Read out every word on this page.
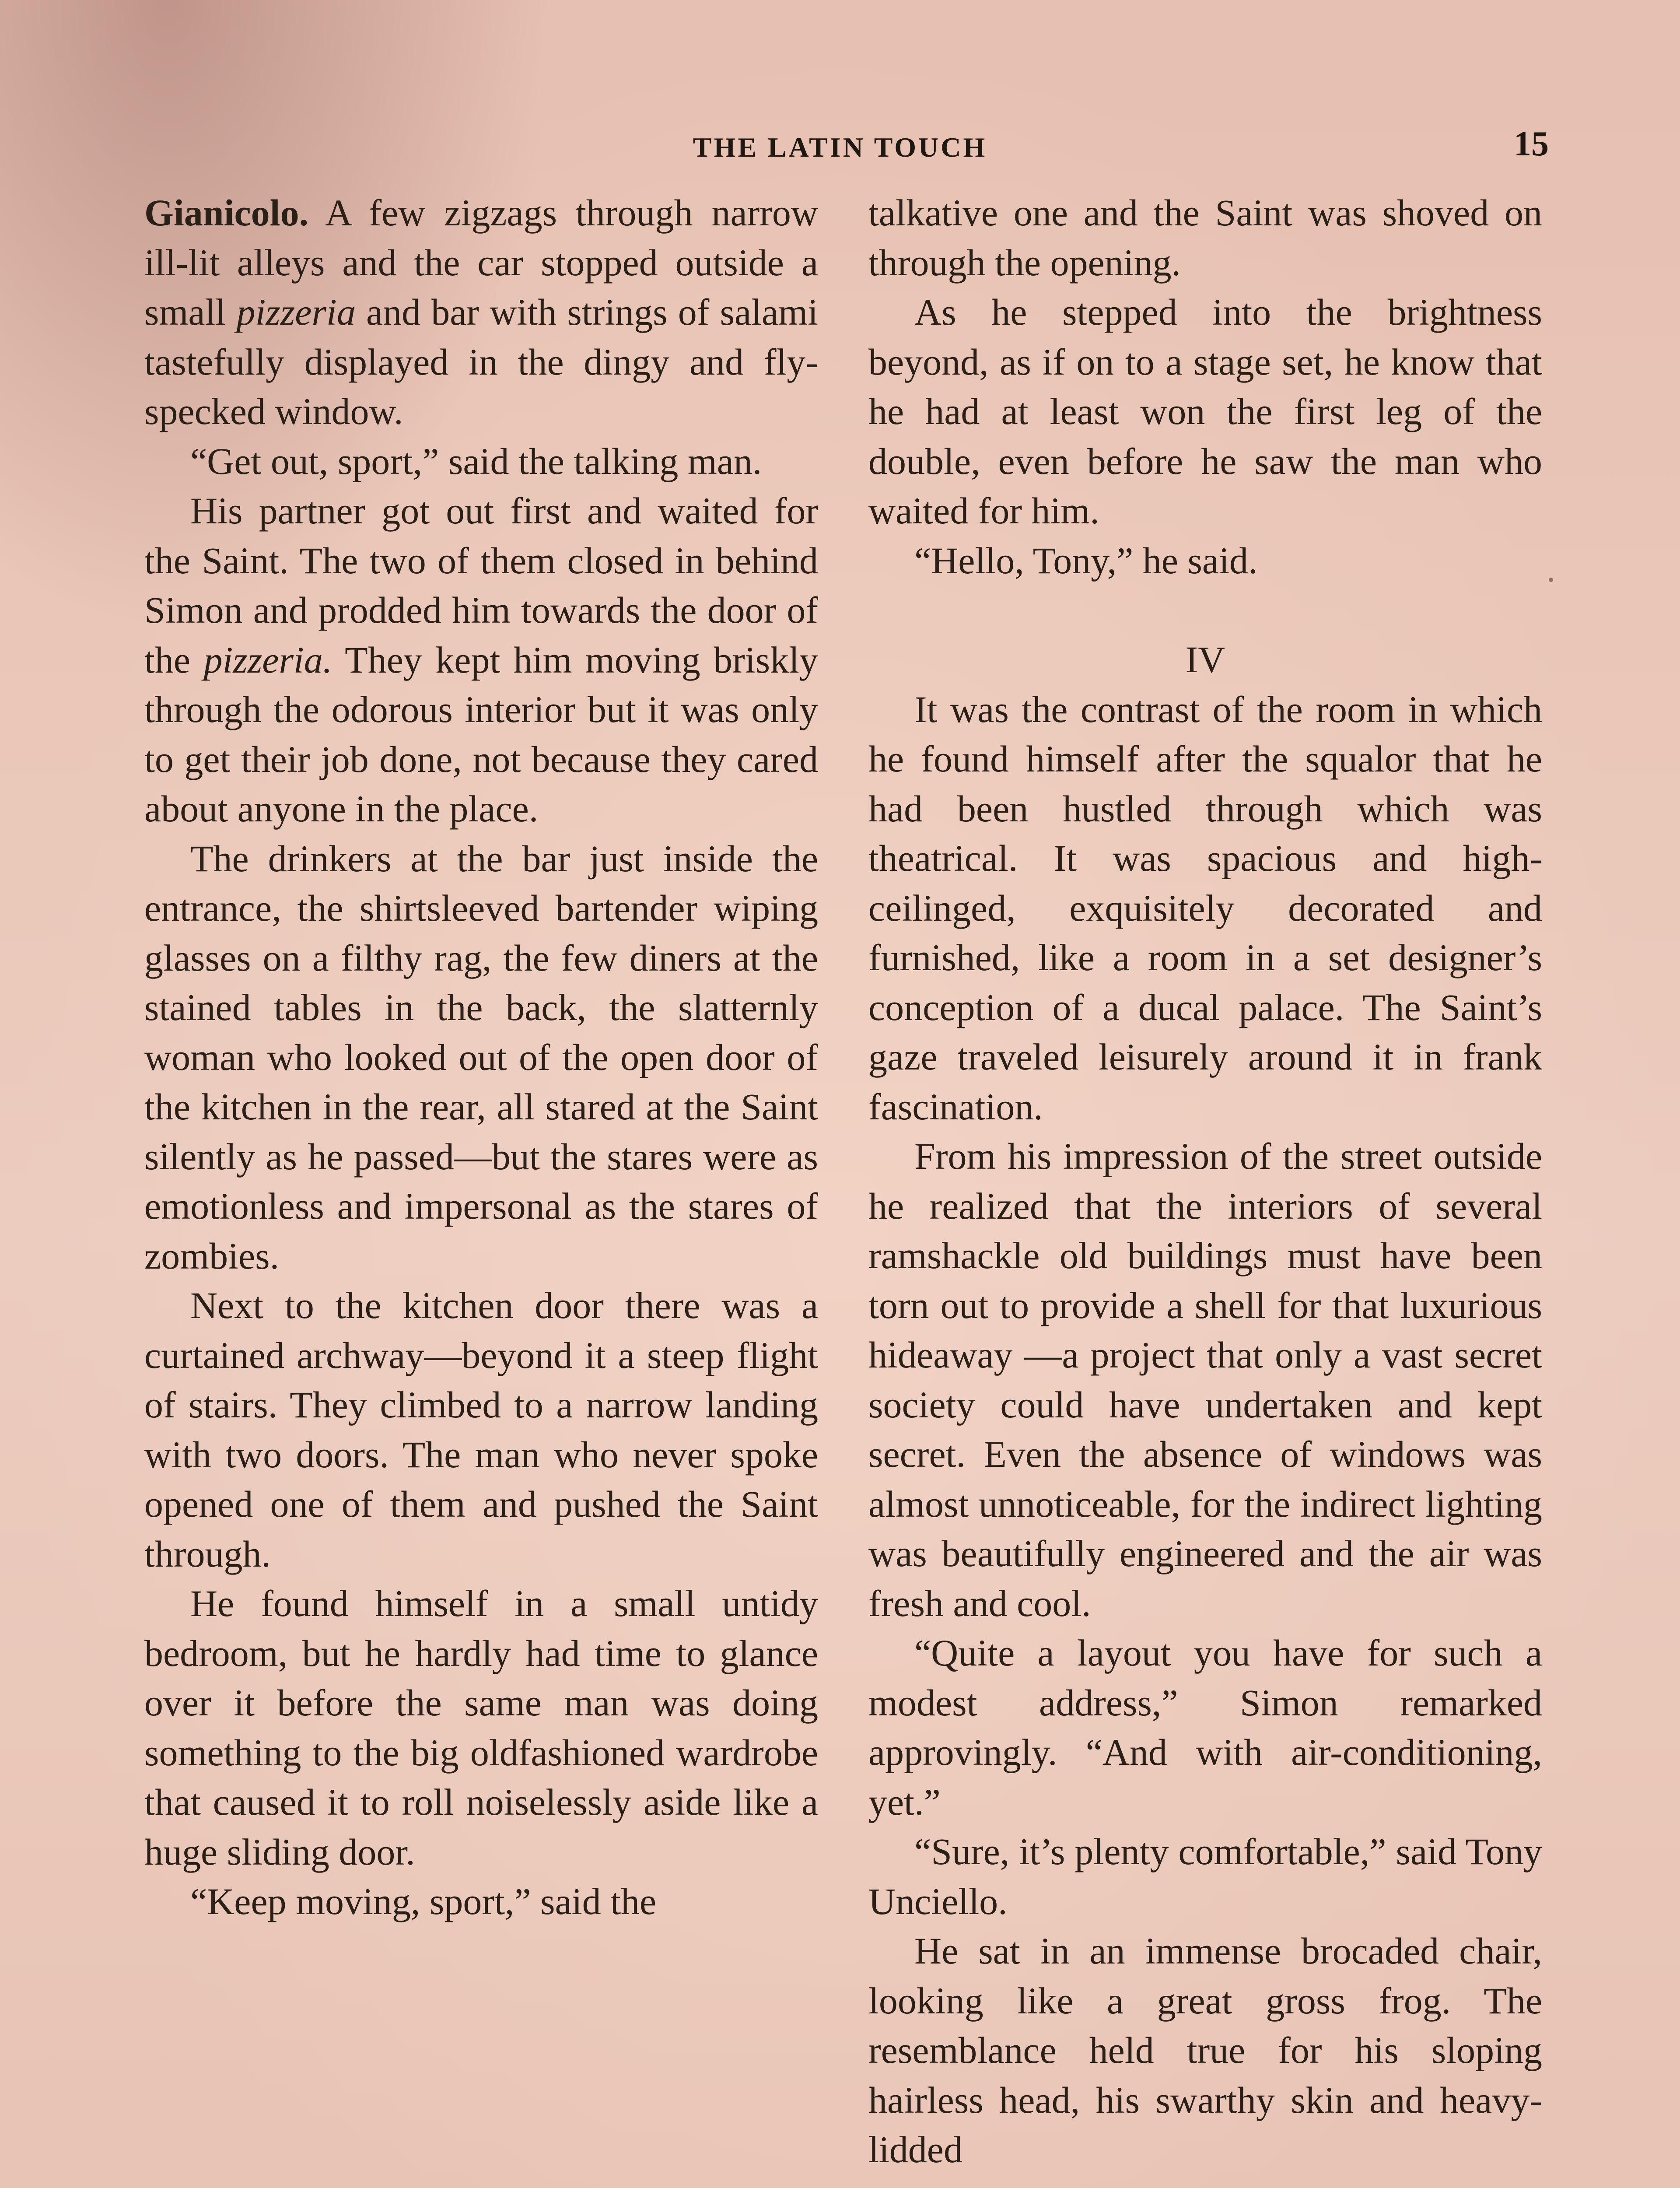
THE LATIN TOUCH	15

Gianicolo. A few zigzags through narrow ill-lit alleys and the car stopped outside a small pizzeria and bar with strings of salami tastefully displayed in the dingy and fly-specked window.

“Get out, sport,” said the talking man.

His partner got out first and waited for the Saint. The two of them closed in behind Simon and prodded him towards the door of the pizzeria. They kept him moving briskly through the odorous interior but it was only to get their job done, not because they cared about anyone in the place.

The drinkers at the bar just inside the entrance, the shirtsleeved bartender wiping glasses on a filthy rag, the few diners at the stained tables in the back, the slatternly woman who looked out of the open door of the kitchen in the rear, all stared at the Saint silently as he passed—but the stares were as emotionless and impersonal as the stares of zombies.

Next to the kitchen door there was a curtained archway—beyond it a steep flight of stairs. They climbed to a narrow landing with two doors. The man who never spoke opened one of them and pushed the Saint through.

He found himself in a small untidy bedroom, but he hardly had time to glance over it before the same man was doing something to the big oldfashioned wardrobe that caused it to roll noiselessly aside like a huge sliding door.

“Keep moving, sport,” said the

talkative one and the Saint was shoved on through the opening.

As he stepped into the brightness beyond, as if on to a stage set, he know that he had at least won the first leg of the double, even before he saw the man who waited for him.

“Hello, Tony,” he said.

IV

It was the contrast of the room in which he found himself after the squalor that he had been hustled through which was theatrical. It was spacious and high-ceilinged, exquisitely decorated and furnished, like a room in a set designer’s conception of a ducal palace. The Saint’s gaze traveled leisurely around it in frank fascination.

From his impression of the street outside he realized that the interiors of several ramshackle old buildings must have been torn out to provide a shell for that luxurious hideaway —a project that only a vast secret society could have undertaken and kept secret. Even the absence of windows was almost unnoticeable, for the indirect lighting was beautifully engineered and the air was fresh and cool.

“Quite a layout you have for such a modest address,” Simon remarked approvingly. “And with air-conditioning, yet.”

“Sure, it’s plenty comfortable,” said Tony Unciello.

He sat in an immense brocaded chair, looking like a great gross frog. The resemblance held true for his sloping hairless head, his swarthy skin and heavy-lidded
